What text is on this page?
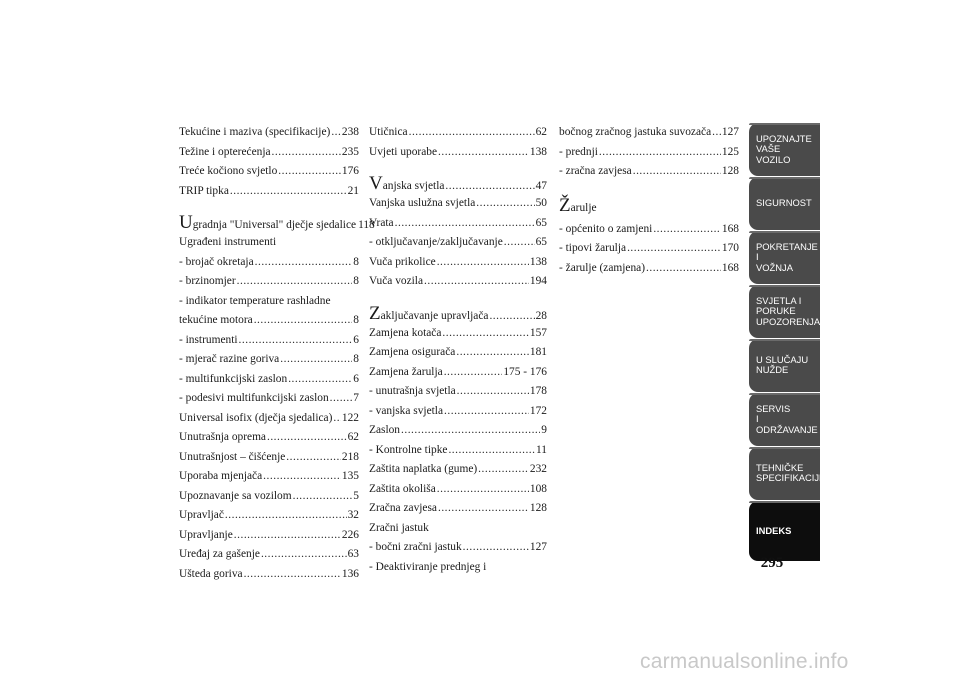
Tekućine i maziva (specifikacije) ..... 238
Težine i opterećenja .....	235
Treće kočiono svjetlo .....	176
TRIP tipka .....	21
Ugradnja "Universal" dječje sjedalice 118
Ugrađeni instrumenti
- brojač okretaja .....	8
- brzinomjer .....	8
- indikator temperature rashladne
tekućine motora .....	8
- instrumenti .....	6
- mjerač razine goriva .....	8
- multifunkcijski zaslon .....	6
- podesivi multifunkcijski zaslon ..... 7
Universal isofix (dječja sjedalica) ..... 122
Unutrašnja oprema .....	62
Unutrašnjost – čišćenje .....	218
Uporaba mjenjača .....	135
Upoznavanje sa vozilom .....	5
Upravljač .....	32
Upravljanje .....	226
Uređaj za gašenje .....	63
Ušteda goriva .....	136
Utičnica .....	62
Uvjeti uporabe .....	138
Vanjska svjetla .....	47
Vanjska uslužna svjetla .....	50
Vrata .....	65
- otključavanje/zaključavanje .....	65
Vuča prikolice .....	138
Vuča vozila .....	194
Zaključavanje upravljača .....	28
Zamjena kotača .....	157
Zamjena osigurača .....	181
Zamjena žarulja .....	175 - 176
- unutrašnja svjetla .....	178
- vanjska svjetla .....	172
Zaslon .....	9
- Kontrolne tipke .....	11
Zaštita naplatka (gume) .....	232
Zaštita okoliša .....	108
Zračna zavjesa .....	128
Zračni jastuk
- bočni zračni jastuk .....	127
- Deaktiviranje prednjeg i
bočnog zračnog jastuka suvozača ..... 127
- prednji .....	125
- zračna zavjesa .....	128
Žarulje
- općenito o zamjeni .....	168
- tipovi žarulja .....	170
- žarulje (zamjena) .....	168
UPOZNAJTE
VAŠE
VOZILO
SIGURNOST
POKRETANJE
I
VOŽNJA
SVJETLA I
PORUKE
UPOZORENJA
U SLUČAJU
NUŽDE
SERVIS
I
ODRŽAVANJE
TEHNIČKE
SPECIFIKACIJE
INDEKS
295
carmanualsonline.info
